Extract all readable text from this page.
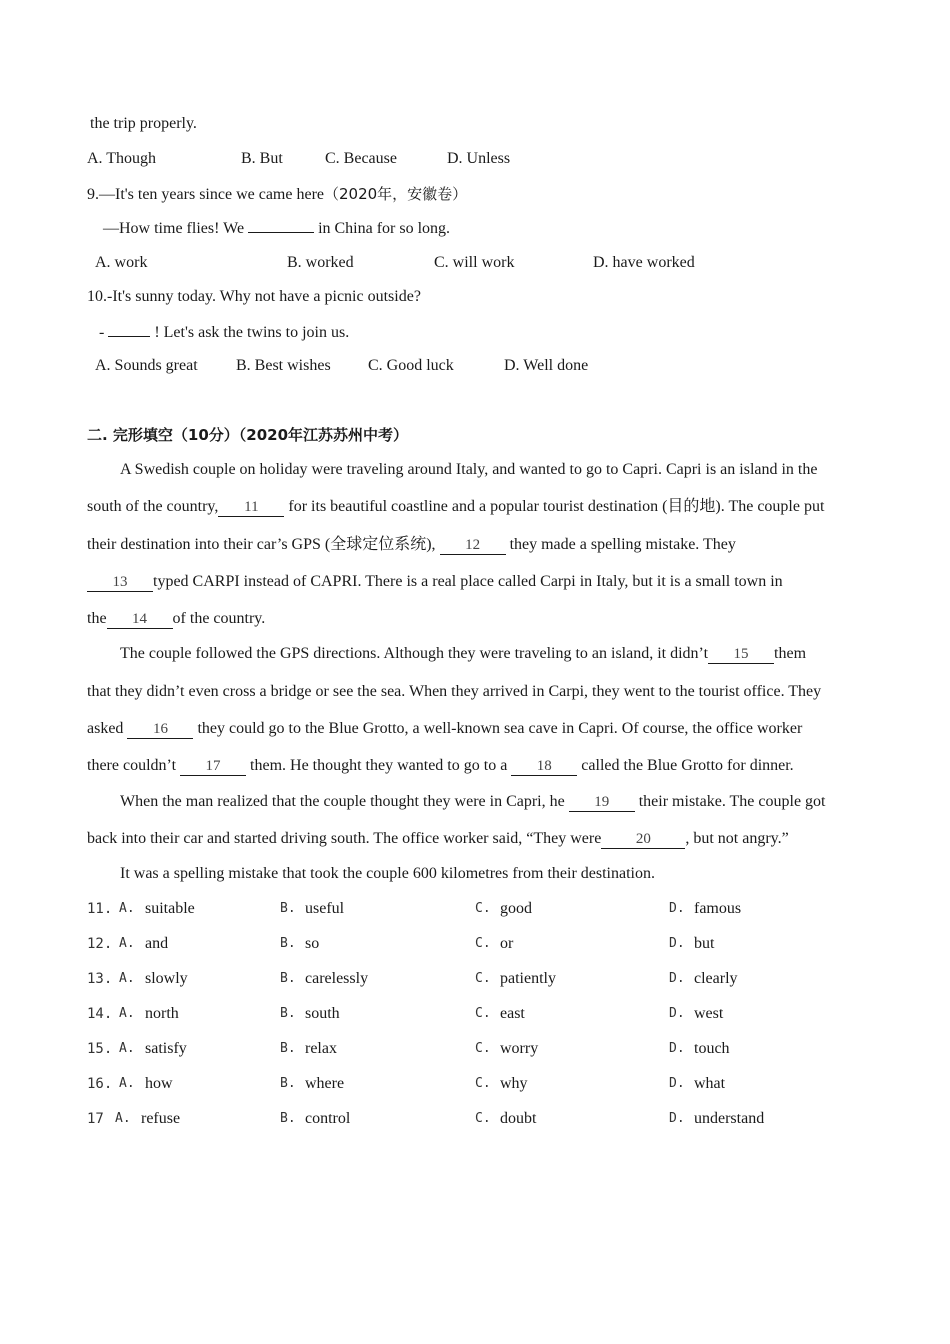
the trip properly.
A. Though	B. But	C. Because	D. Unless
9.—It's ten years since we came here（2020年，安徽卷）
—How time flies! We	in China for so long.
A. work	B. worked	C. will work	D. have worked
10.-It's sunny today. Why not have a picnic outside?
-	! Let's ask the twins to join us.
A. Sounds great B. Best wishes C. Good luck	D. Well done
二. 完形填空（10分）（2020年江苏苏州中考）
A Swedish couple on holiday were traveling around Italy, and wanted to go to Capri. Capri is an island in the
south of the country, 11 for its beautiful coastline and a popular tourist destination (目的地). The couple put
their destination into their car’s GPS (全球定位系统), 12 they made a spelling mistake. They
13 typed CARPI instead of CAPRI. There is a real place called Carpi in Italy, but it is a small town in
the 14 of the country.
The couple followed the GPS directions. Although they were traveling to an island, it didn’t 15 them
that they didn’t even cross a bridge or see the sea. When they arrived in Carpi, they went to the tourist office. They
asked 16 they could go to the Blue Grotto, a well-known sea cave in Capri. Of course, the office worker
there couldn’t 17 them. He thought they wanted to go to a 18 called the Blue Grotto for dinner.
When the man realized that the couple thought they were in Capri, he 19 their mistake. The couple got
back into their car and started driving south. The office worker said, “They were 20 , but not angry.”
It was a spelling mistake that took the couple 600 kilometres from their destination.
11. A. suitable	B. useful	C. good	D. famous
12. A. and	B. so	C. or	D. but
13. A. slowly	B. carelessly	C. patiently	D. clearly
14. A. north	B. south	C. east	D. west
15. A. satisfy	B. relax	C. worry	D. touch
16. A. how	B. where	C. why	D. what
17 A. refuse	B. control	C. doubt	D. understand
